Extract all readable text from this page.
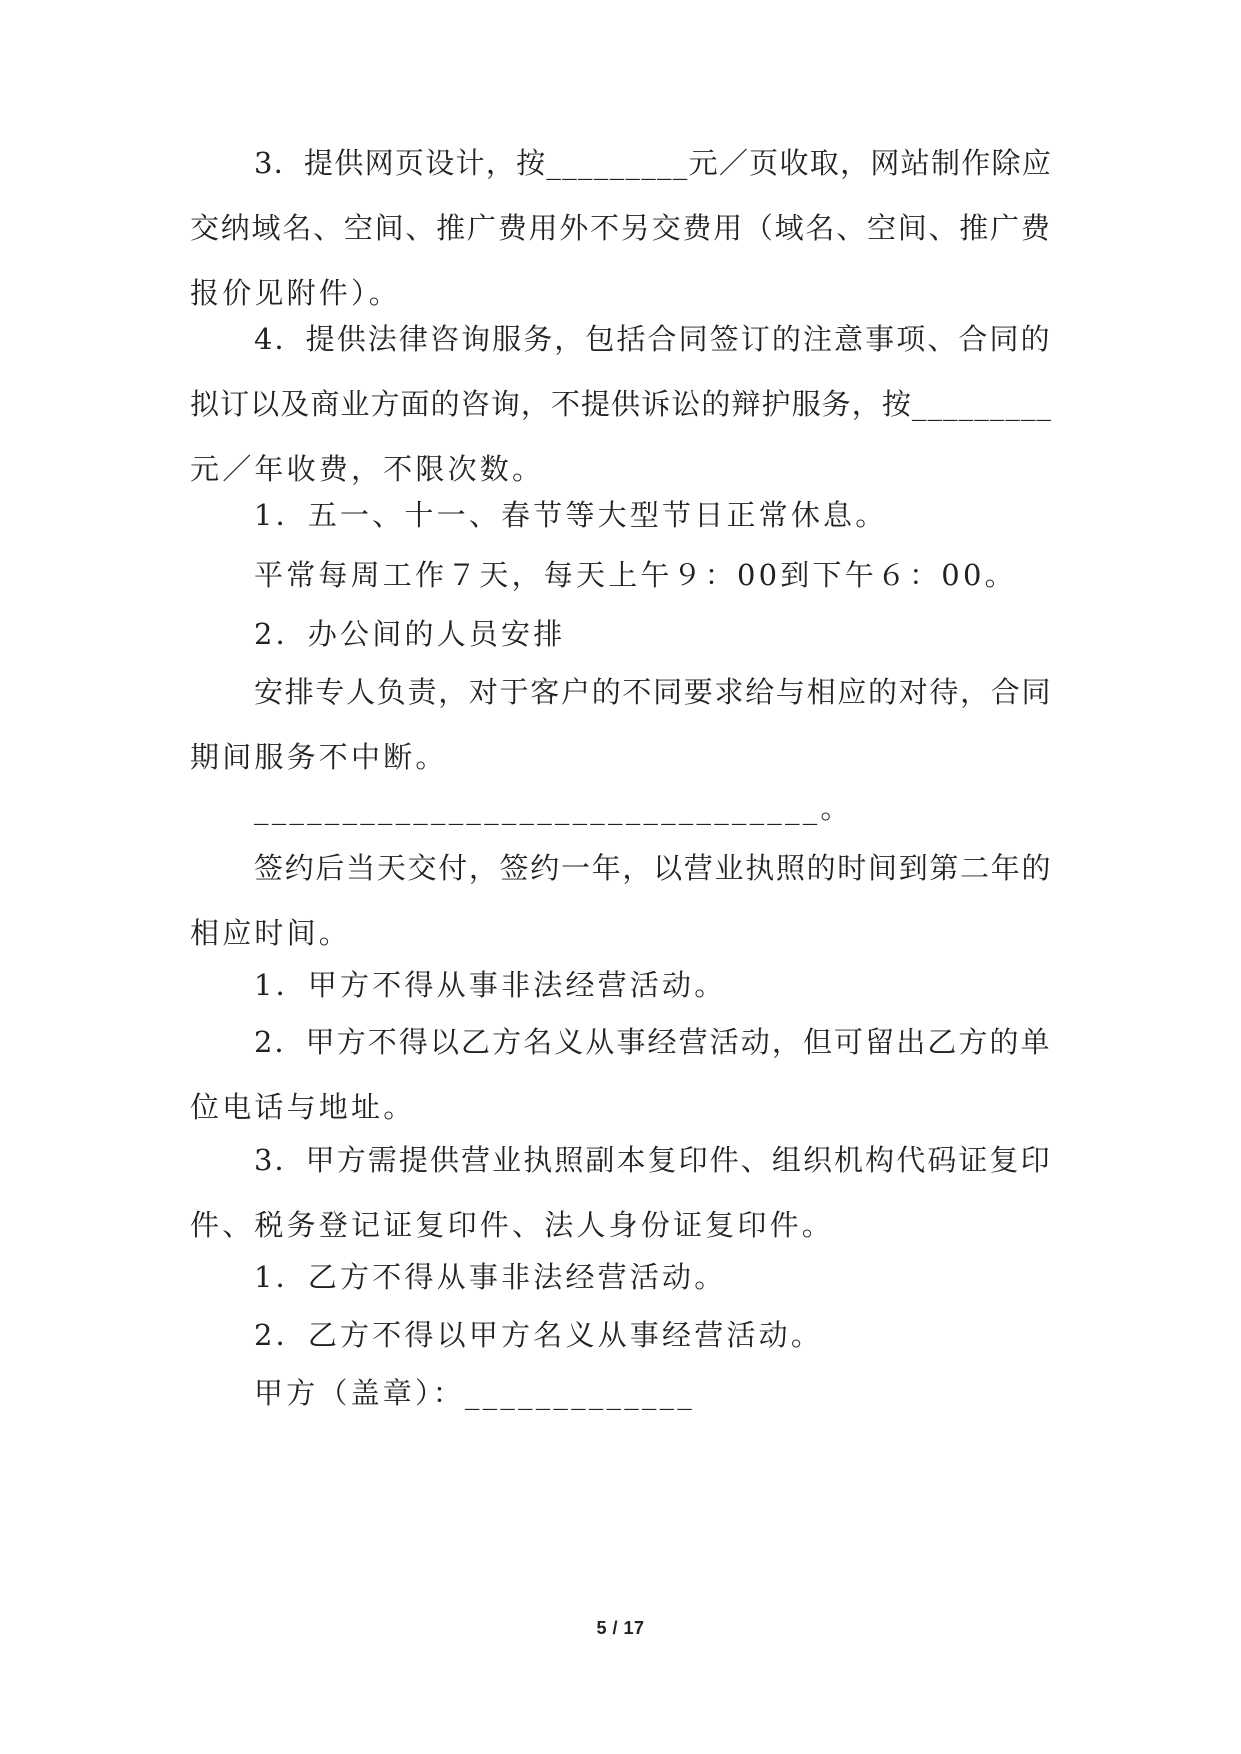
3．提供网页设计，按_________元／页收取，网站制作除应
交纳域名、空间、推广费用外不另交费用（域名、空间、推广费
报价见附件）。
4．提供法律咨询服务，包括合同签订的注意事项、合同的
拟订以及商业方面的咨询，不提供诉讼的辩护服务，按_________
元／年收费，不限次数。
1．五一、十一、春节等大型节日正常休息。
平常每周工作７天，每天上午９：00到下午６：00。
2．办公间的人员安排
安排专人负责，对于客户的不同要求给与相应的对待，合同
期间服务不中断。
________________________________。
签约后当天交付，签约一年，以营业执照的时间到第二年的
相应时间。
1．甲方不得从事非法经营活动。
2．甲方不得以乙方名义从事经营活动，但可留出乙方的单
位电话与地址。
3．甲方需提供营业执照副本复印件、组织机构代码证复印
件、税务登记证复印件、法人身份证复印件。
1．乙方不得从事非法经营活动。
2．乙方不得以甲方名义从事经营活动。
甲方（盖章）：_____________
5 / 17
